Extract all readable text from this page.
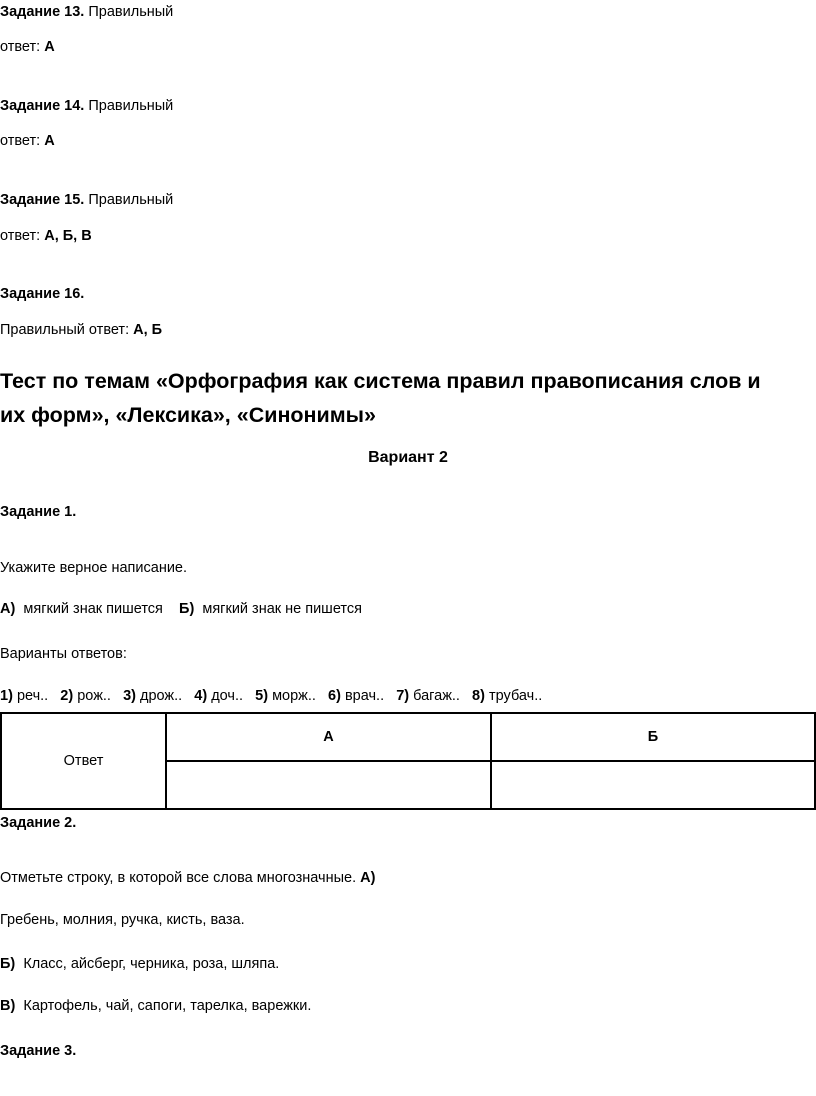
Задание 13. Правильный
ответ: А
Задание 14. Правильный
ответ: А
Задание 15. Правильный
ответ: А, Б, В
Задание 16.
Правильный ответ: А, Б
Тест по темам «Орфография как система правил правописания слов и
их форм», «Лексика», «Синонимы»
Вариант 2
Задание 1.
Укажите верное написание.
А) мягкий знак пишется Б) мягкий знак не пишется
Варианты ответов:
1) реч.. 2) рож.. 3) дрож.. 4) доч.. 5) морж.. 6) врач.. 7) багаж.. 8) трубач..
Ответ	А	Б

Задание 2.
Отметьте строку, в которой все слова многозначные. А)
Гребень, молния, ручка, кисть, ваза.
Б) Класс, айсберг, черника, роза, шляпа.
В) Картофель, чай, сапоги, тарелка, варежки.
Задание 3.
